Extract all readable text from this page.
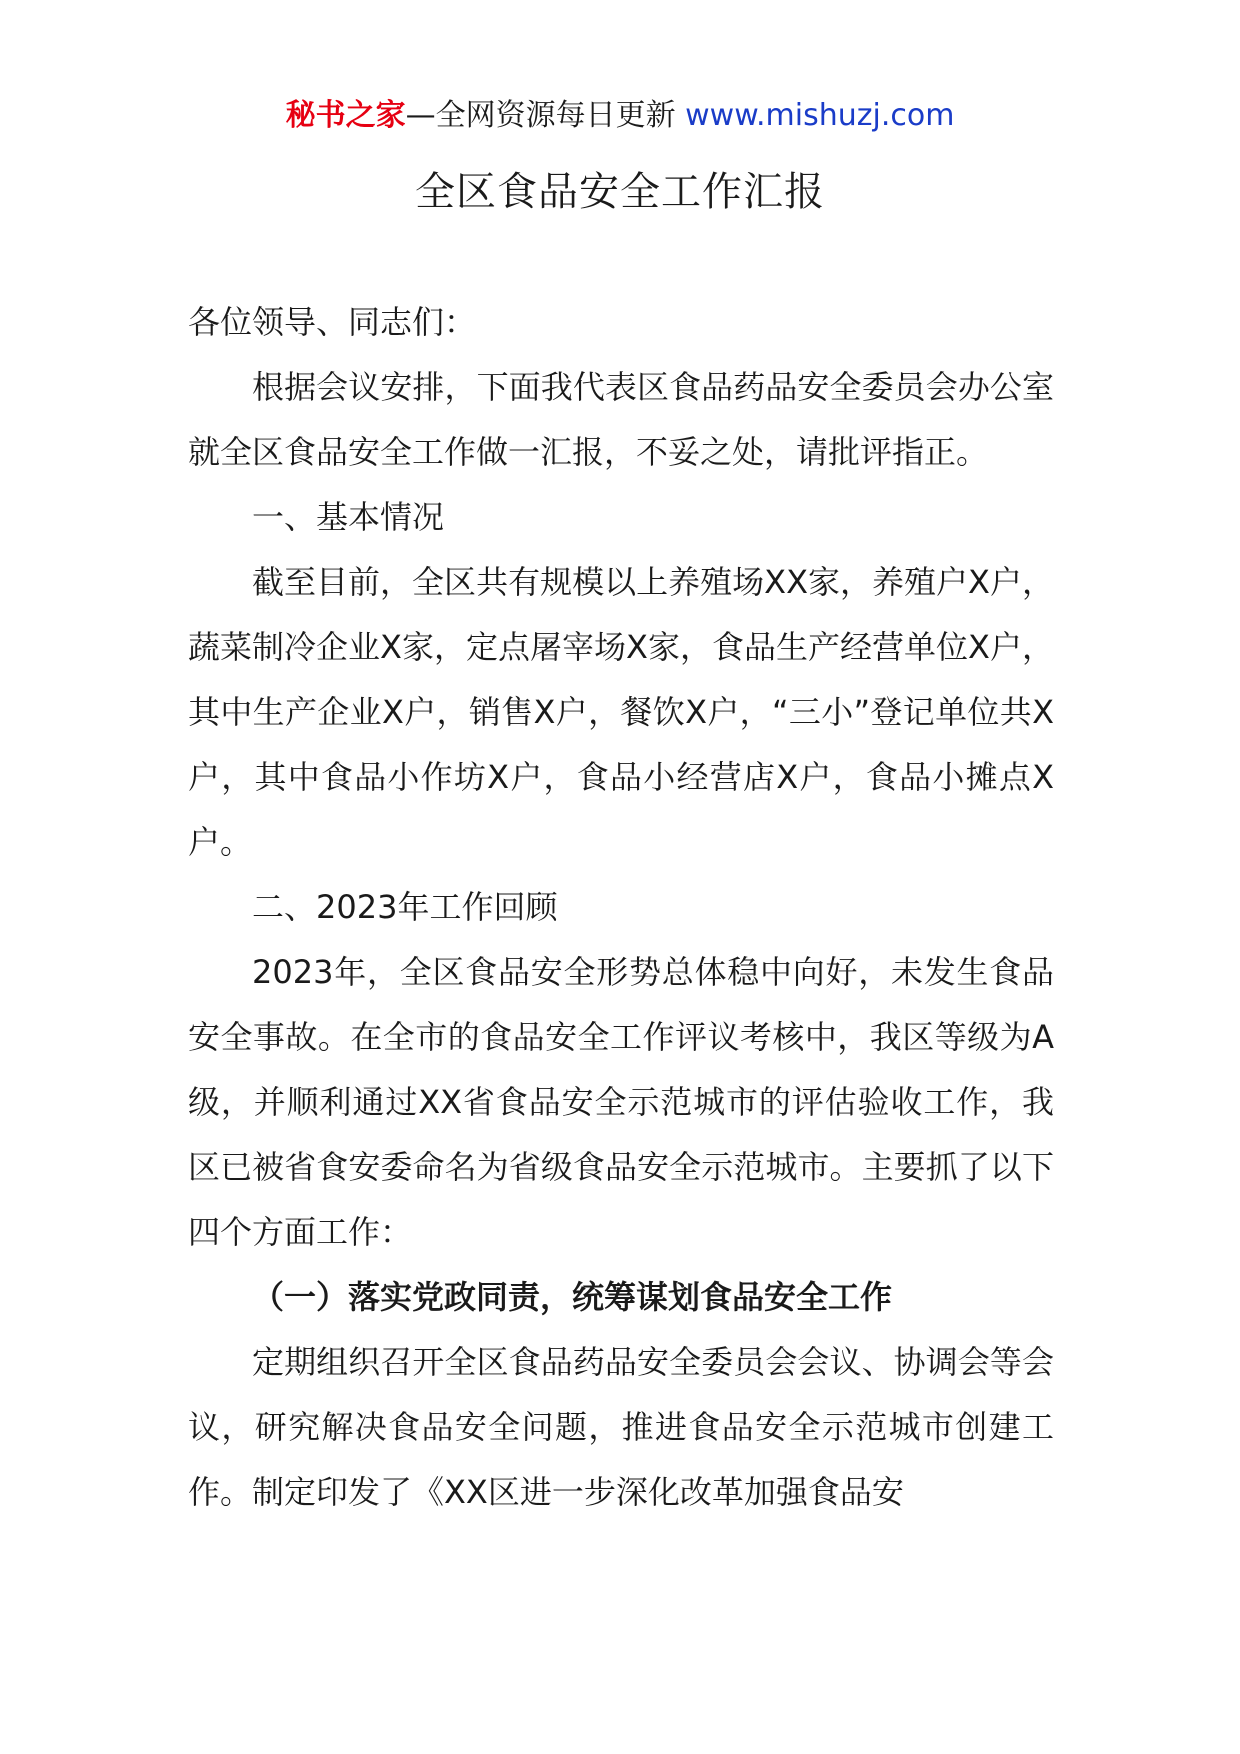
秘书之家—全网资源每日更新 www.mishuzj.com
全区食品安全工作汇报

各位领导、同志们：

根据会议安排，下面我代表区食品药品安全委员会办公室就全区食品安全工作做一汇报，不妥之处，请批评指正。

一、基本情况

截至目前，全区共有规模以上养殖场XX家，养殖户X户，蔬菜制冷企业X家，定点屠宰场X家，食品生产经营单位X户，其中生产企业X户，销售X户，餐饮X户，“三小”登记单位共X户，其中食品小作坊X户，食品小经营店X户，食品小摊点X户。

二、2023年工作回顾

2023年，全区食品安全形势总体稳中向好，未发生食品安全事故。在全市的食品安全工作评议考核中，我区等级为A级，并顺利通过XX省食品安全示范城市的评估验收工作，我区已被省食安委命名为省级食品安全示范城市。主要抓了以下四个方面工作：

（一）落实党政同责，统筹谋划食品安全工作

定期组织召开全区食品药品安全委员会会议、协调会等会议，研究解决食品安全问题，推进食品安全示范城市创建工作。制定印发了《XX区进一步深化改革加强食品安
